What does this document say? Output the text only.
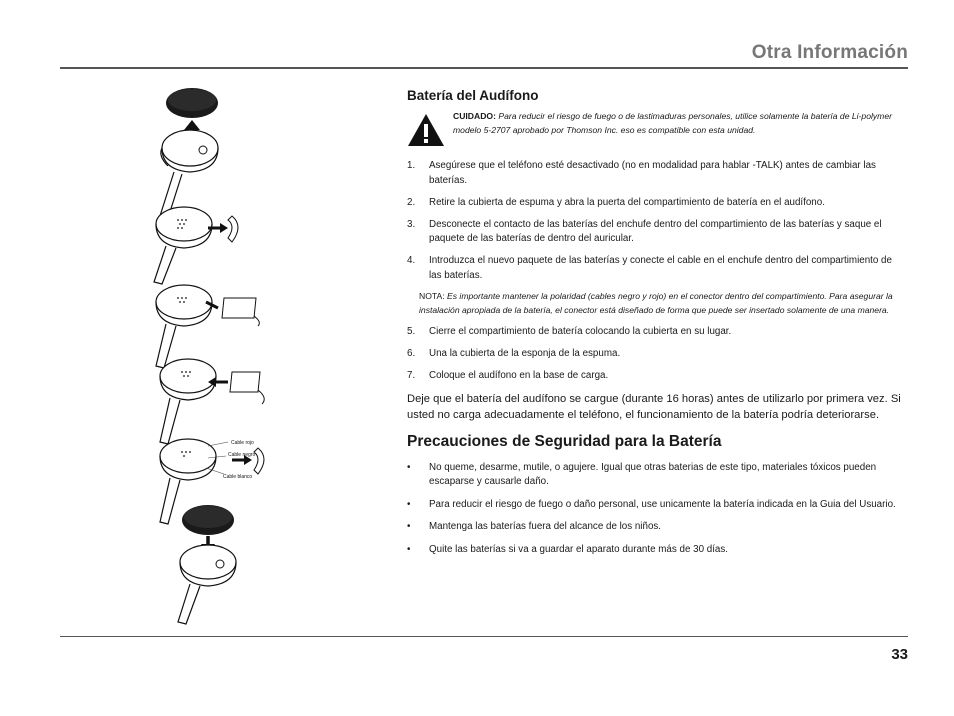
Otra Información
Cable rojo
Cable negro
Cable blanco
Batería del Audífono
CUIDADO: Para reducir el riesgo de fuego o de lastimaduras personales, utilice solamente la batería de Li-polymer modelo 5-2707 aprobado por Thomson Inc. eso es compatible con esta unidad.
1. Asegúrese que el teléfono esté desactivado (no en modalidad para hablar -TALK) antes de cambiar las baterías.
2. Retire la cubierta de espuma y abra la puerta del compartimiento de batería en el audífono.
3. Desconecte el contacto de las baterías del enchufe dentro del compartimiento de las baterías y saque el paquete de las baterías de dentro del auricular.
4. Introduzca el nuevo paquete de las baterías y conecte el cable en el enchufe dentro del compartimiento de las baterías.
NOTA: Es importante mantener la polaridad (cables negro y rojo) en el conector dentro del compartimiento. Para asegurar la instalación apropiada de la batería, el conector está diseñado de forma que puede ser insertado solamente de una manera.
5. Cierre el compartimiento de batería colocando la cubierta en su lugar.
6. Una la cubierta de la esponja de la espuma.
7. Coloque el audífono en la base de carga.

Deje que el batería del audífono se cargue (durante 16 horas) antes de utilizarlo por primera vez. Si usted no carga adecuadamente el teléfono, el funcionamiento de la batería podría deteriorarse.

Precauciones de Seguridad para la Batería
• No queme, desarme, mutile, o agujere. Igual que otras baterias de este tipo, materiales tóxicos pueden escaparse y causarle daño.
• Para reducir el riesgo de fuego o daño personal, use unicamente la batería indicada en la Guia del Usuario.
• Mantenga las baterías fuera del alcance de los niños.
• Quite las baterías si va a guardar el aparato durante más de 30 días.
33
